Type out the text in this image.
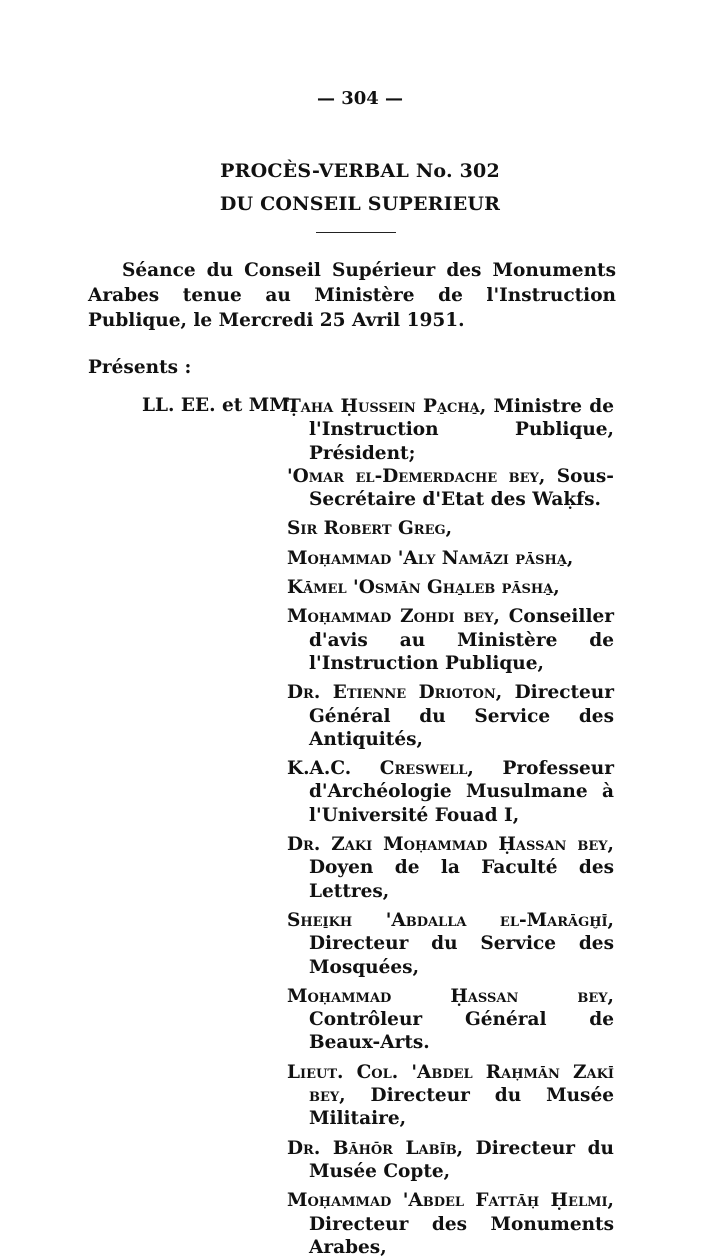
— 304 —
PROCÈS-VERBAL No. 302
DU CONSEIL SUPERIEUR

Séance du Conseil Supérieur des Monuments Arabes tenue au Ministère de l'Instruction Publique, le Mercredi 25 Avril 1951.

Présents :
LL. EE. et MM.
Ṭaha Ḥussein Pa̱cha̱, Ministre de l'Instruction Publique, Président;
'Omar el-Demerdache bey, Sous-Secrétaire d'Etat des Waḳfs.
Sir Robert Greg,
Moḥammad 'Aly Namāzi pāsha̱,
Kāmel 'Osmān Gha̱leb pāsha̱,
Moḥammad Zohdi bey, Conseiller d'avis au Ministère de l'Instruction Publique,
Dr. Etienne Drioton, Directeur Général du Service des Antiquités,
K.A.C. Creswell, Professeur d'Archéologie Musulmane à l'Université Fouad I,
Dr. Zaki Moḥammad Ḥassan bey, Doyen de la Faculté des Lettres,
Shei̱kh 'Abdalla el-Marāgḫī, Directeur du Service des Mosquées,
Moḥammad Ḥassan bey, Contrôleur Général de Beaux-Arts.
Lieut. Col. 'Abdel Raḥmān Zakī bey, Directeur du Musée Militaire,
Dr. Bāhōr Labīb, Directeur du Musée Copte,
Moḥammad 'Abdel Fattāḥ Ḥelmi, Directeur des Monuments Arabes,
